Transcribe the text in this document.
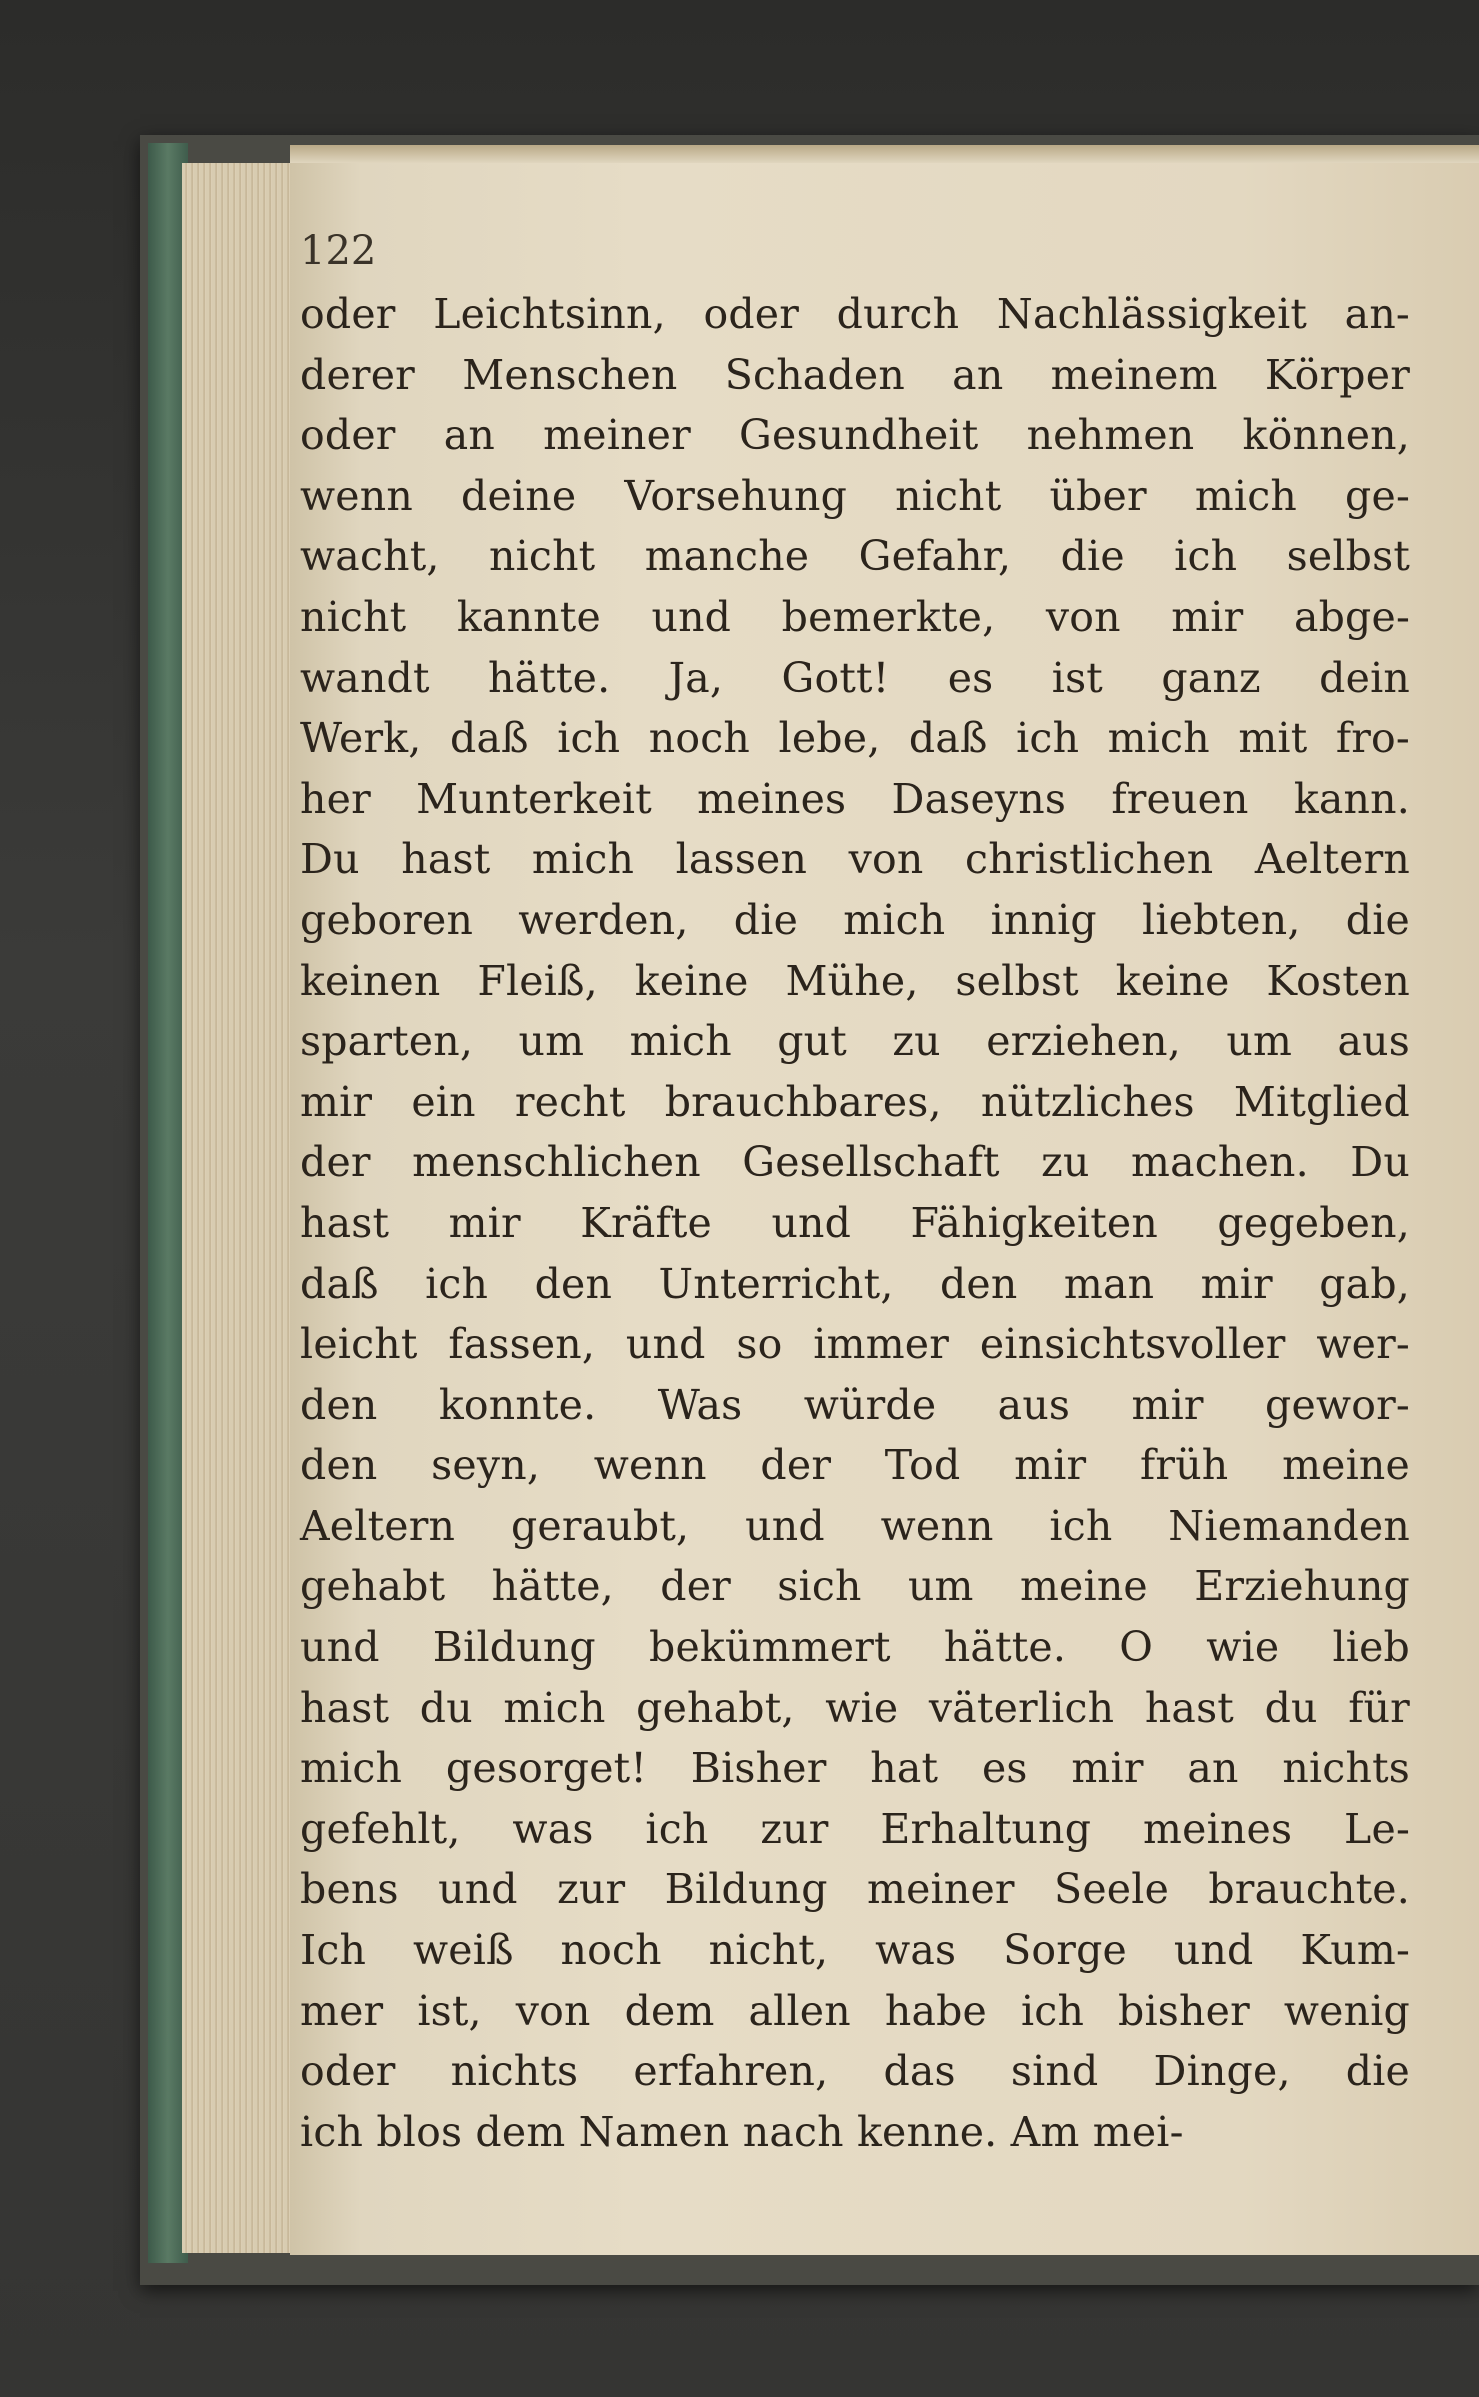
122
oder Leichtsinn, oder durch Nachlässigkeit an-
derer Menschen Schaden an meinem Körper
oder an meiner Gesundheit nehmen können,
wenn deine Vorsehung nicht über mich ge-
wacht, nicht manche Gefahr, die ich selbst
nicht kannte und bemerkte, von mir abge-
wandt hätte. Ja, Gott! es ist ganz dein
Werk, daß ich noch lebe, daß ich mich mit fro-
her Munterkeit meines Daseyns freuen kann.
Du hast mich lassen von christlichen Aeltern
geboren werden, die mich innig liebten, die
keinen Fleiß, keine Mühe, selbst keine Kosten
sparten, um mich gut zu erziehen, um aus
mir ein recht brauchbares, nützliches Mitglied
der menschlichen Gesellschaft zu machen. Du
hast mir Kräfte und Fähigkeiten gegeben,
daß ich den Unterricht, den man mir gab,
leicht fassen, und so immer einsichtsvoller wer-
den konnte. Was würde aus mir gewor-
den seyn, wenn der Tod mir früh meine
Aeltern geraubt, und wenn ich Niemanden
gehabt hätte, der sich um meine Erziehung
und Bildung bekümmert hätte. O wie lieb
hast du mich gehabt, wie väterlich hast du für
mich gesorget! Bisher hat es mir an nichts
gefehlt, was ich zur Erhaltung meines Le-
bens und zur Bildung meiner Seele brauchte.
Ich weiß noch nicht, was Sorge und Kum-
mer ist, von dem allen habe ich bisher wenig
oder nichts erfahren, das sind Dinge, die
ich blos dem Namen nach kenne. Am mei-
